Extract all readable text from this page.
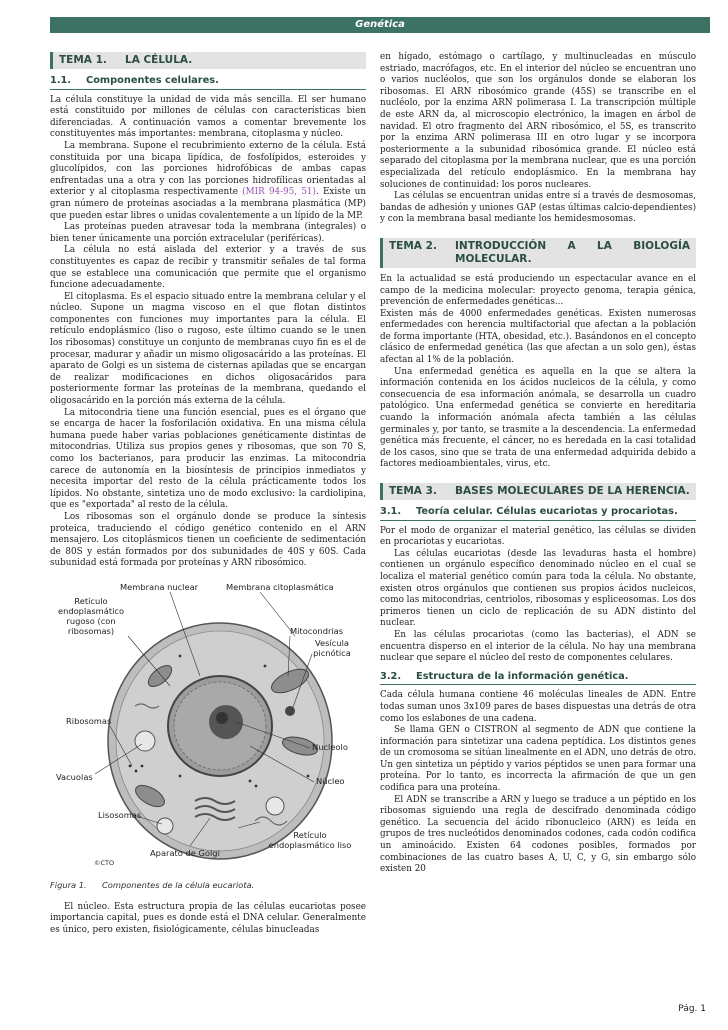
Genética
TEMA 1. LA CÉLULA.
1.1. Componentes celulares.

La célula constituye la unidad de vida más sencilla. El ser humano está constituido por millones de células con características bien diferenciadas. A continuación vamos a comentar brevemente los constituyentes más importantes: membrana, citoplasma y núcleo.

La membrana. Supone el recubrimiento externo de la célula. Está constituida por una bicapa lipídica, de fosfolípidos, esteroides y glucolípidos, con las porciones hidrofóbicas de ambas capas enfrentadas una a otra y con las porciones hidrofílicas orientadas al exterior y al citoplasma respectivamente (MIR 94-95, 51). Existe un gran número de proteínas asociadas a la membrana plasmática (MP) que pueden estar libres o unidas covalentemente a un lípido de la MP.

Las proteínas pueden atravesar toda la membrana (integrales) o bien tener únicamente una porción extracelular (periféricas).

La célula no está aislada del exterior y a través de sus constituyentes es capaz de recibir y transmitir señales de tal forma que se establece una comunicación que permite que el organismo funcione adecuadamente.

El citoplasma. Es el espacio situado entre la membrana celular y el núcleo. Supone un magma viscoso en el que flotan distintos componentes con funciones muy importantes para la célula. El retículo endoplásmico (liso o rugoso, este último cuando se le unen los ribosomas) constituye un conjunto de membranas cuyo fin es el de procesar, madurar y añadir un mismo oligosacárido a las proteínas. El aparato de Golgi es un sistema de cisternas apiladas que se encargan de realizar modificaciones en dichos oligosacáridos para posteriormente formar las proteínas de la membrana, quedando el oligosacárido en la porción más externa de la célula.

La mitocondria tiene una función esencial, pues es el órgano que se encarga de hacer la fosforilación oxidativa. En una misma célula humana puede haber varias poblaciones genéticamente distintas de mitocondrias. Utiliza sus propios genes y ribosomas, que son 70 S, como los bacterianos, para producir las enzimas. La mitocondria carece de autonomía en la biosíntesis de principios inmediatos y necesita importar del resto de la célula prácticamente todos los lípidos. No obstante, sintetiza uno de modo exclusivo: la cardiolipina, que es "exportada" al resto de la célula.

Los ribosomas son el orgánulo donde se produce la síntesis proteica, traduciendo el código genético contenido en el ARN mensajero. Los citoplásmicos tienen un coeficiente de sedimentación de 80S y están formados por dos subunidades de 40S y 60S. Cada subunidad está formada por proteínas y ARN ribosómico.

Membrana nuclear	Membrana citoplasmática
Retículo endoplasmático rugoso (con ribosomas)	Mitocondrias
Vesícula picnótica
Ribosomas
Nucleolo
Vacuolas	Núcleo
Lisosomas
Retículo endoplasmático liso
Aparato de Golgi
©CTO
Figura 1. Componentes de la célula eucariota.

El núcleo. Esta estructura propia de las células eucariotas posee importancia capital, pues es donde está el DNA celular. Generalmente es único, pero existen, fisiológicamente, células binucleadas

en hígado, estómago o cartílago, y multinucleadas en músculo estriado, macrófagos, etc. En el interior del núcleo se encuentran uno o varios nucléolos, que son los orgánulos donde se elaboran los ribosomas. El ARN ribosómico grande (45S) se transcribe en el nucléolo, por la enzima ARN polimerasa I. La transcripción múltiple de este ARN da, al microscopio electrónico, la imagen en árbol de navidad. El otro fragmento del ARN ribosómico, el 5S, es transcrito por la enzima ARN polimerasa III en otro lugar y se incorpora posteriormente a la subunidad ribosómica grande. El núcleo está separado del citoplasma por la membrana nuclear, que es una porción especializada del retículo endoplásmico. En la membrana hay soluciones de continuidad: los poros nucleares.

Las células se encuentran unidas entre sí a través de desmosomas, bandas de adhesión y uniones GAP (estas últimas calcio-dependientes) y con la membrana basal mediante los hemidesmosomas.

TEMA 2.	INTRODUCCIÓN A LA BIOLOGÍA MOLECULAR.

En la actualidad se está produciendo un espectacular avance en el campo de la medicina molecular: proyecto genoma, terapia génica, prevención de enfermedades genéticas...

Existen más de 4000 enfermedades genéticas. Existen numerosas enfermedades con herencia multifactorial que afectan a la población de forma importante (HTA, obesidad, etc.). Basándonos en el concepto clásico de enfermedad genética (las que afectan a un solo gen), éstas afectan al 1% de la población.

Una enfermedad genética es aquella en la que se altera la información contenida en los ácidos nucleicos de la célula, y como consecuencia de esa información anómala, se desarrolla un cuadro patológico. Una enfermedad genética se convierte en hereditaria cuando la información anómala afecta también a las células germinales y, por tanto, se trasmite a la descendencia. La enfermedad genética más frecuente, el cáncer, no es heredada en la casi totalidad de los casos, sino que se trata de una enfermedad adquirida debido a factores medioambientales, virus, etc.

TEMA 3.	BASES MOLECULARES DE LA HERENCIA.
3.1. Teoría celular. Células eucariotas y procariotas.

Por el modo de organizar el material genético, las células se dividen en procariotas y eucariotas.

Las células eucariotas (desde las levaduras hasta el hombre) contienen un orgánulo específico denominado núcleo en el cual se localiza el material genético común para toda la célula. No obstante, existen otros orgánulos que contienen sus propios ácidos nucleicos, como las mitocondrias, centriolos, ribosomas y espliceosomas. Los dos primeros tienen un ciclo de replicación de su ADN distinto del nuclear.

En las células procariotas (como las bacterias), el ADN se encuentra disperso en el interior de la célula. No hay una membrana nuclear que separe el núcleo del resto de componentes celulares.

3.2. Estructura de la información genética.

Cada célula humana contiene 46 moléculas lineales de ADN. Entre todas suman unos 3x109 pares de bases dispuestas una detrás de otra como los eslabones de una cadena.

Se llama GEN o CISTRON al segmento de ADN que contiene la información para sintetizar una cadena peptídica. Los distintos genes de un cromosoma se sitúan linealmente en el ADN, uno detrás de otro. Un gen sintetiza un péptido y varios péptidos se unen para formar una proteína. Por lo tanto, es incorrecta la afirmación de que un gen codifica para una proteína.

El ADN se transcribe a ARN y luego se traduce a un péptido en los ribosomas siguiendo una regla de descifrado denominada código genético. La secuencia del ácido ribonucleico (ARN) es leída en grupos de tres nucleótidos denominados codones, cada codón codifica un aminoácido. Existen 64 codones posibles, formados por combinaciones de las cuatro bases A, U, C, y G, sin embargo sólo existen 20

Pág. 1
